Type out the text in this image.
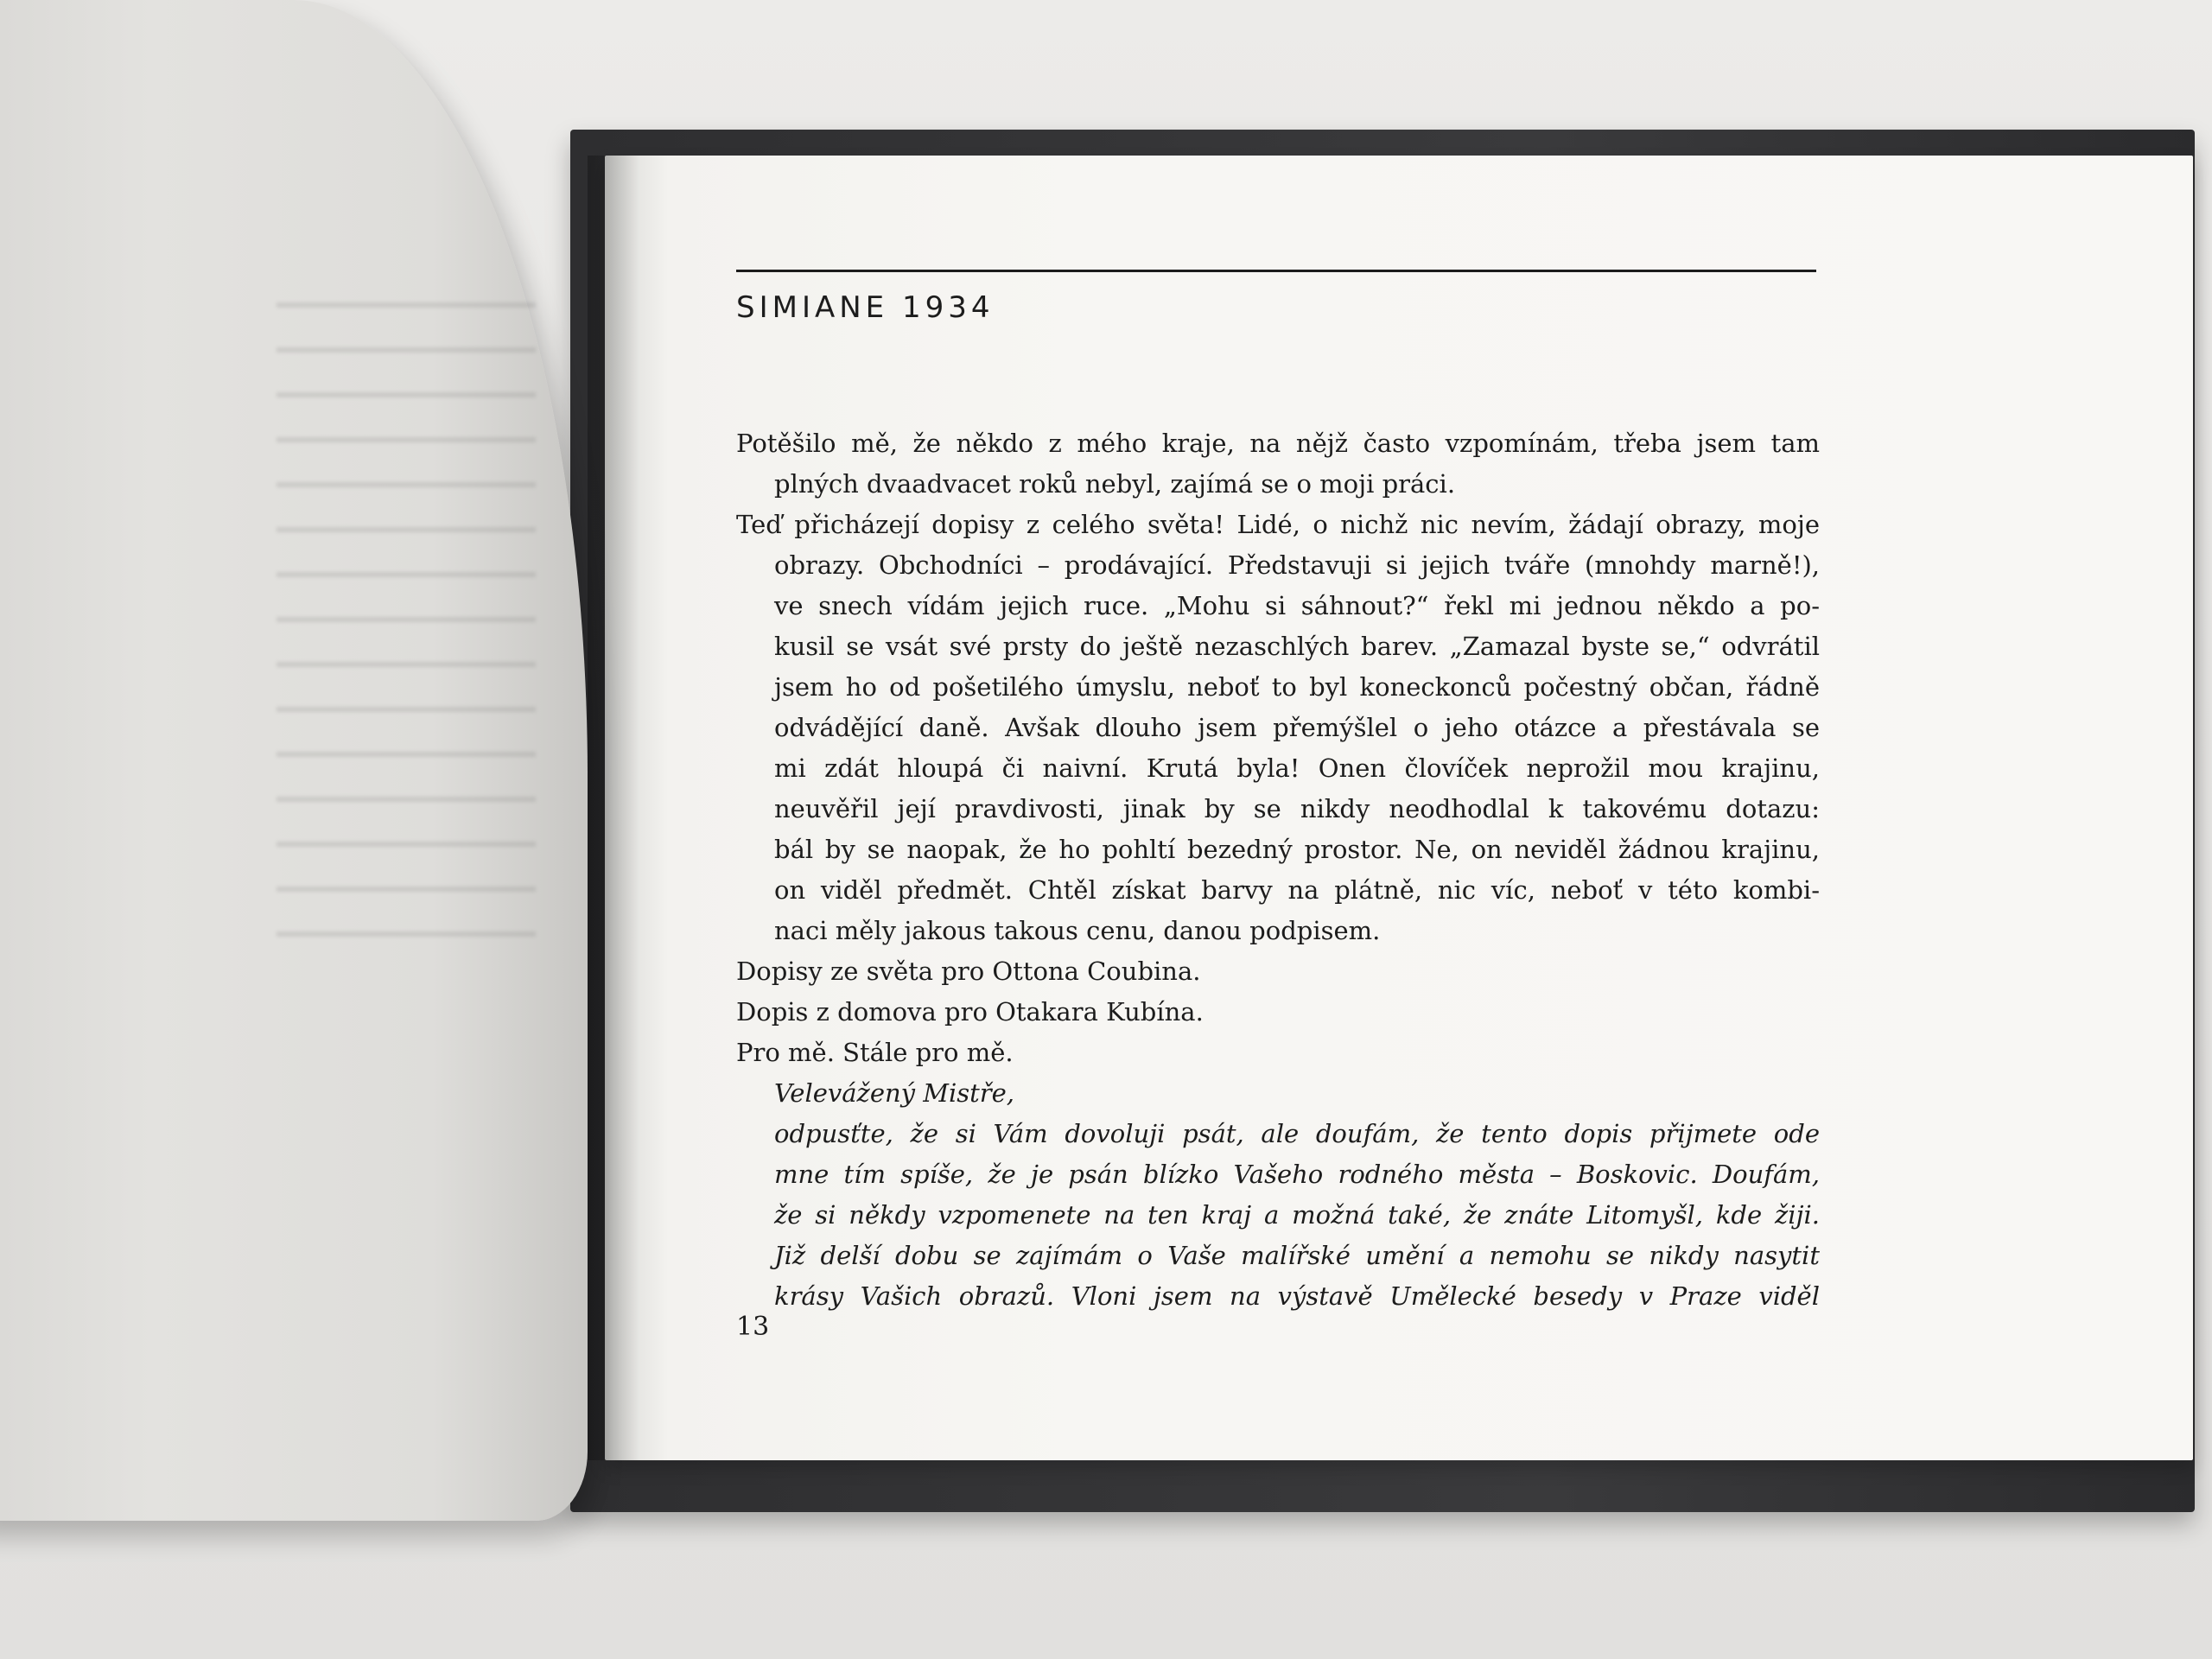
SIMIANE 1934
Potěšilo mě, že někdo z mého kraje, na nějž často vzpomínám, třeba jsem tam
plných dvaadvacet roků nebyl, zajímá se o moji práci.
Teď přicházejí dopisy z celého světa! Lidé, o nichž nic nevím, žádají obrazy, moje
obrazy. Obchodníci – prodávající. Představuji si jejich tváře (mnohdy marně!),
ve snech vídám jejich ruce. „Mohu si sáhnout?“ řekl mi jednou někdo a po-
kusil se vsát své prsty do ještě nezaschlých barev. „Zamazal byste se,“ odvrátil
jsem ho od pošetilého úmyslu, neboť to byl koneckonců počestný občan, řádně
odvádějící daně. Avšak dlouho jsem přemýšlel o jeho otázce a přestávala se
mi zdát hloupá či naivní. Krutá byla! Onen človíček neprožil mou krajinu,
neuvěřil její pravdivosti, jinak by se nikdy neodhodlal k takovému dotazu:
bál by se naopak, že ho pohltí bezedný prostor. Ne, on neviděl žádnou krajinu,
on viděl předmět. Chtěl získat barvy na plátně, nic víc, neboť v této kombi-
naci měly jakous takous cenu, danou podpisem.
Dopisy ze světa pro Ottona Coubina.
Dopis z domova pro Otakara Kubína.
Pro mě. Stále pro mě.
Velevážený Mistře,
odpusťte, že si Vám dovoluji psát, ale doufám, že tento dopis přijmete ode
mne tím spíše, že je psán blízko Vašeho rodného města – Boskovic. Doufám,
že si někdy vzpomenete na ten kraj a možná také, že znáte Litomyšl, kde žiji.
Již delší dobu se zajímám o Vaše malířské umění a nemohu se nikdy nasytit
krásy Vašich obrazů. Vloni jsem na výstavě Umělecké besedy v Praze viděl
13
